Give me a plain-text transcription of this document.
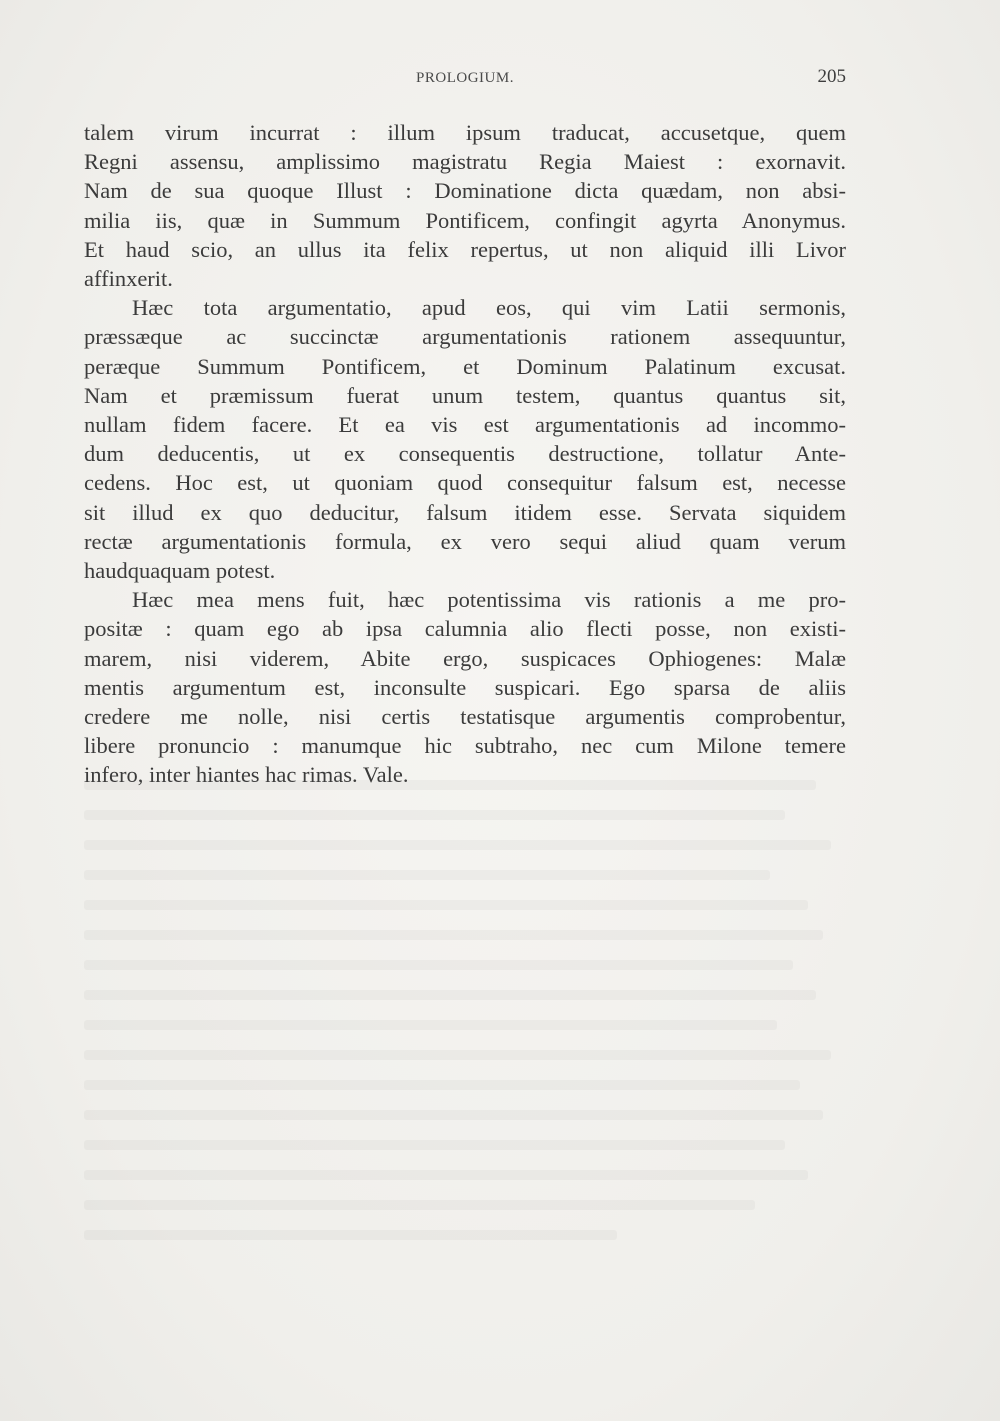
PROLOGIUM.	205
talem virum incurrat : illum ipsum traducat, accusetque, quem
Regni assensu, amplissimo magistratu Regia Maiest : exornavit.
Nam de sua quoque Illust : Dominatione dicta quædam, non absi-
milia iis, quæ in Summum Pontificem, confingit agyrta Anonymus.
Et haud scio, an ullus ita felix repertus, ut non aliquid illi Livor
affinxerit.
Hæc tota argumentatio, apud eos, qui vim Latii sermonis,
præssæque ac succinctæ argumentationis rationem assequuntur,
peræque Summum Pontificem, et Dominum Palatinum excusat.
Nam et præmissum fuerat unum testem, quantus quantus sit,
nullam fidem facere. Et ea vis est argumentationis ad incommo-
dum deducentis, ut ex consequentis destructione, tollatur Ante-
cedens. Hoc est, ut quoniam quod consequitur falsum est, necesse
sit illud ex quo deducitur, falsum itidem esse. Servata siquidem
rectæ argumentationis formula, ex vero sequi aliud quam verum
haudquaquam potest.
Hæc mea mens fuit, hæc potentissima vis rationis a me pro-
positæ : quam ego ab ipsa calumnia alio flecti posse, non existi-
marem, nisi viderem, Abite ergo, suspicaces Ophiogenes: Malæ
mentis argumentum est, inconsulte suspicari. Ego sparsa de aliis
credere me nolle, nisi certis testatisque argumentis comprobentur,
libere pronuncio : manumque hic subtraho, nec cum Milone temere
infero, inter hiantes hac rimas. Vale.
